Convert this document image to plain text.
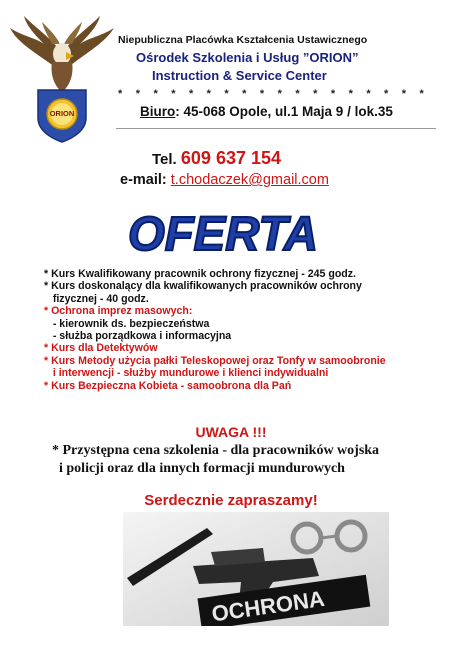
ORION
Niepubliczna Placówka Kształcenia Ustawicznego
Ośrodek Szkolenia i Usług ”ORION”
Instruction & Service Center
* * * * * * * * * * * * * * * * * *
Biuro: 45-068 Opole, ul.1 Maja 9 / lok.35
Tel. 609 637 154
e-mail: t.chodaczek@gmail.com
OFERTA
* Kurs Kwalifikowany pracownik ochrony fizycznej - 245 godz.
* Kurs doskonalący dla kwalifikowanych pracowników ochrony
fizycznej - 40 godz.
* Ochrona imprez masowych:
- kierownik ds. bezpieczeństwa
- służba porządkowa i informacyjna
* Kurs dla Detektywów
* Kurs Metody użycia pałki Teleskopowej oraz Tonfy w samoobronie
i interwencji - służby mundurowe i klienci indywidualni
* Kurs Bezpieczna Kobieta - samoobrona dla Pań
UWAGA !!!
* Przystępna cena szkolenia - dla pracowników wojska
i policji oraz dla innych formacji mundurowych
Serdecznie zapraszamy!
OCHRONA
